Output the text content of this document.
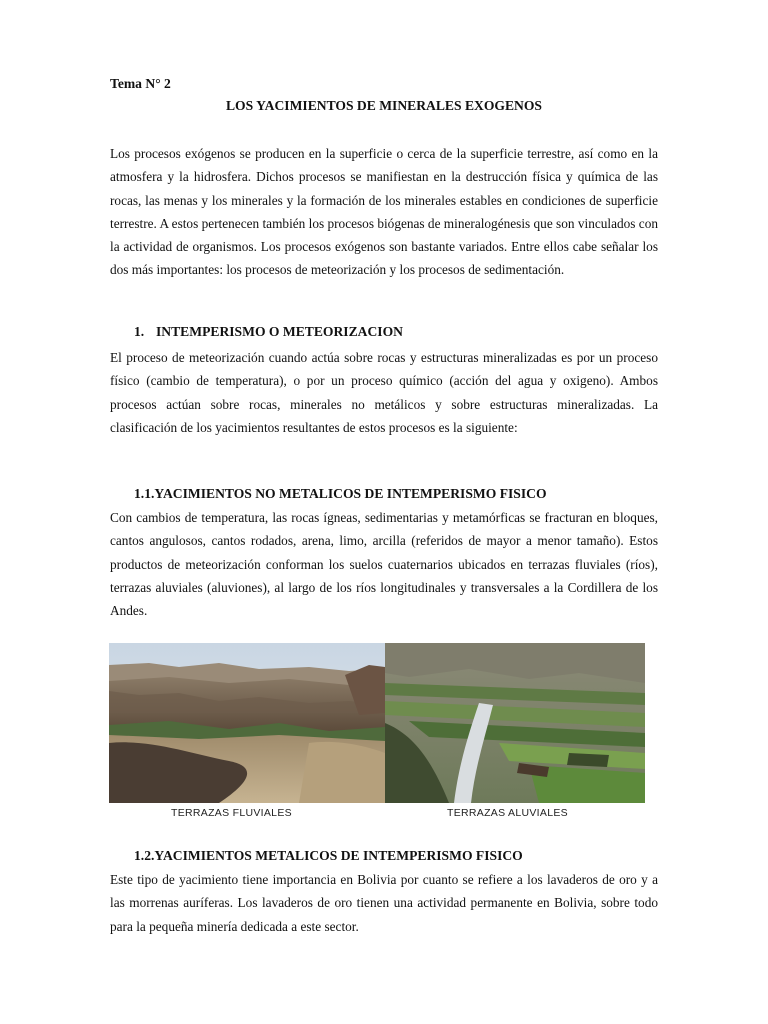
Tema N° 2
LOS YACIMIENTOS DE MINERALES EXOGENOS
Los procesos exógenos se producen en la superficie o cerca de la superficie terrestre, así como en la atmosfera y la hidrosfera. Dichos procesos se manifiestan en la destrucción física y química de las rocas, las menas y los minerales y la formación de los minerales estables en condiciones de superficie terrestre. A estos pertenecen también los procesos biógenas de mineralogénesis que son vinculados con la actividad de organismos. Los procesos exógenos son bastante variados. Entre ellos cabe señalar los dos más importantes: los procesos de meteorización y los procesos de sedimentación.
1. INTEMPERISMO O METEORIZACION
El proceso de meteorización cuando actúa sobre rocas y estructuras mineralizadas es por un proceso físico (cambio de temperatura), o por un proceso químico (acción del agua y oxigeno). Ambos procesos actúan sobre rocas, minerales no metálicos y sobre estructuras mineralizadas. La clasificación de los yacimientos resultantes de estos procesos es la siguiente:
1.1.YACIMIENTOS NO METALICOS DE INTEMPERISMO FISICO
Con cambios de temperatura, las rocas ígneas, sedimentarias y metamórficas se fracturan en bloques, cantos angulosos, cantos rodados, arena, limo, arcilla (referidos de mayor a menor tamaño). Estos productos de meteorización conforman los suelos cuaternarios ubicados en terrazas fluviales (ríos), terrazas aluviales (aluviones), al largo de los ríos longitudinales y transversales a la Cordillera de los Andes.
TERRAZAS FLUVIALES	TERRAZAS ALUVIALES
1.2.YACIMIENTOS METALICOS DE INTEMPERISMO FISICO
Este tipo de yacimiento tiene importancia en Bolivia por cuanto se refiere a los lavaderos de oro y a las morrenas auríferas. Los lavaderos de oro tienen una actividad permanente en Bolivia, sobre todo para la pequeña minería dedicada a este sector.
